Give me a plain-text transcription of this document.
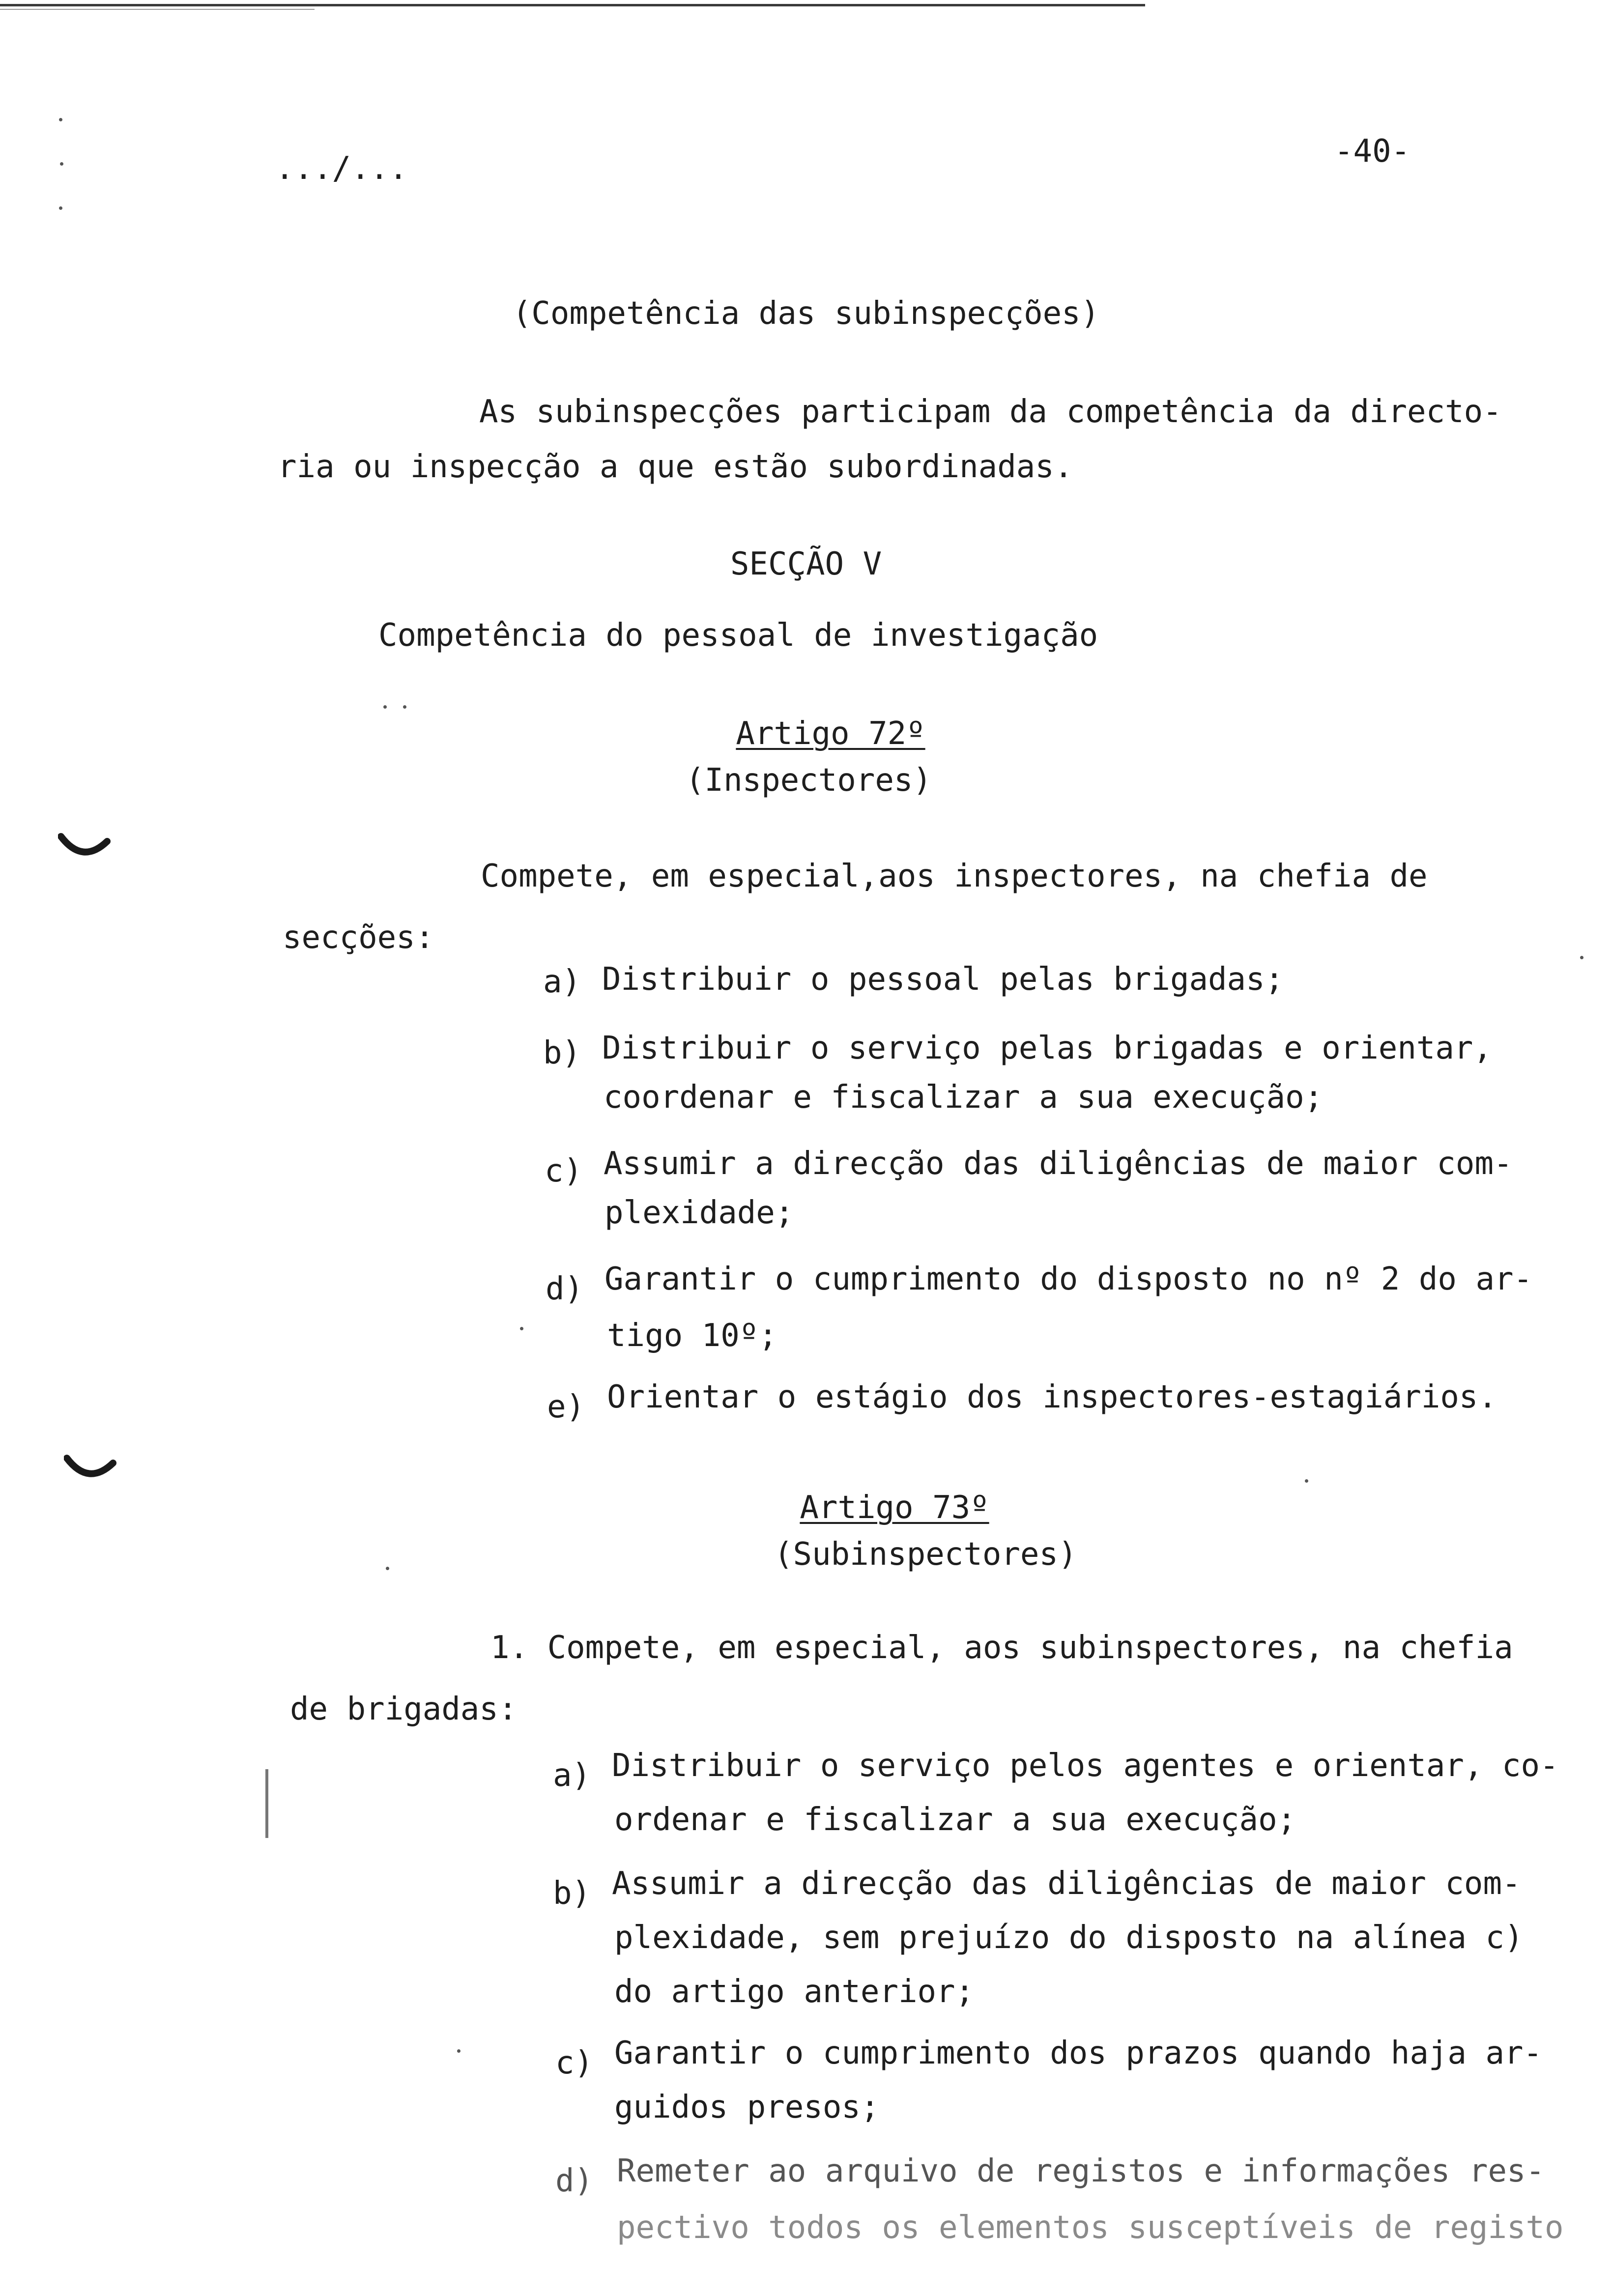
.../...	-40-
(Competência das subinspecções)
As subinspecções participam da competência da directo-
ria ou inspecção a que estão subordinadas.
SECÇÃO V
Competência do pessoal de investigação
Artigo 72º
(Inspectores)
Compete, em especial,aos inspectores, na chefia de
secções:
a) Distribuir o pessoal pelas brigadas;
b) Distribuir o serviço pelas brigadas e orientar,
coordenar e fiscalizar a sua execução;
c) Assumir a direcção das diligências de maior com-
plexidade;
d) Garantir o cumprimento do disposto no nº 2 do ar-
tigo 10º;
e) Orientar o estágio dos inspectores-estagiários.
Artigo 73º
(Subinspectores)
1. Compete, em especial, aos subinspectores, na chefia
de brigadas:
a) Distribuir o serviço pelos agentes e orientar, co-
ordenar e fiscalizar a sua execução;
b) Assumir a direcção das diligências de maior com-
plexidade, sem prejuízo do disposto na alínea c)
do artigo anterior;
c) Garantir o cumprimento dos prazos quando haja ar-
guidos presos;
d) Remeter ao arquivo de registos e informações res-
pectivo todos os elementos susceptíveis de registo
